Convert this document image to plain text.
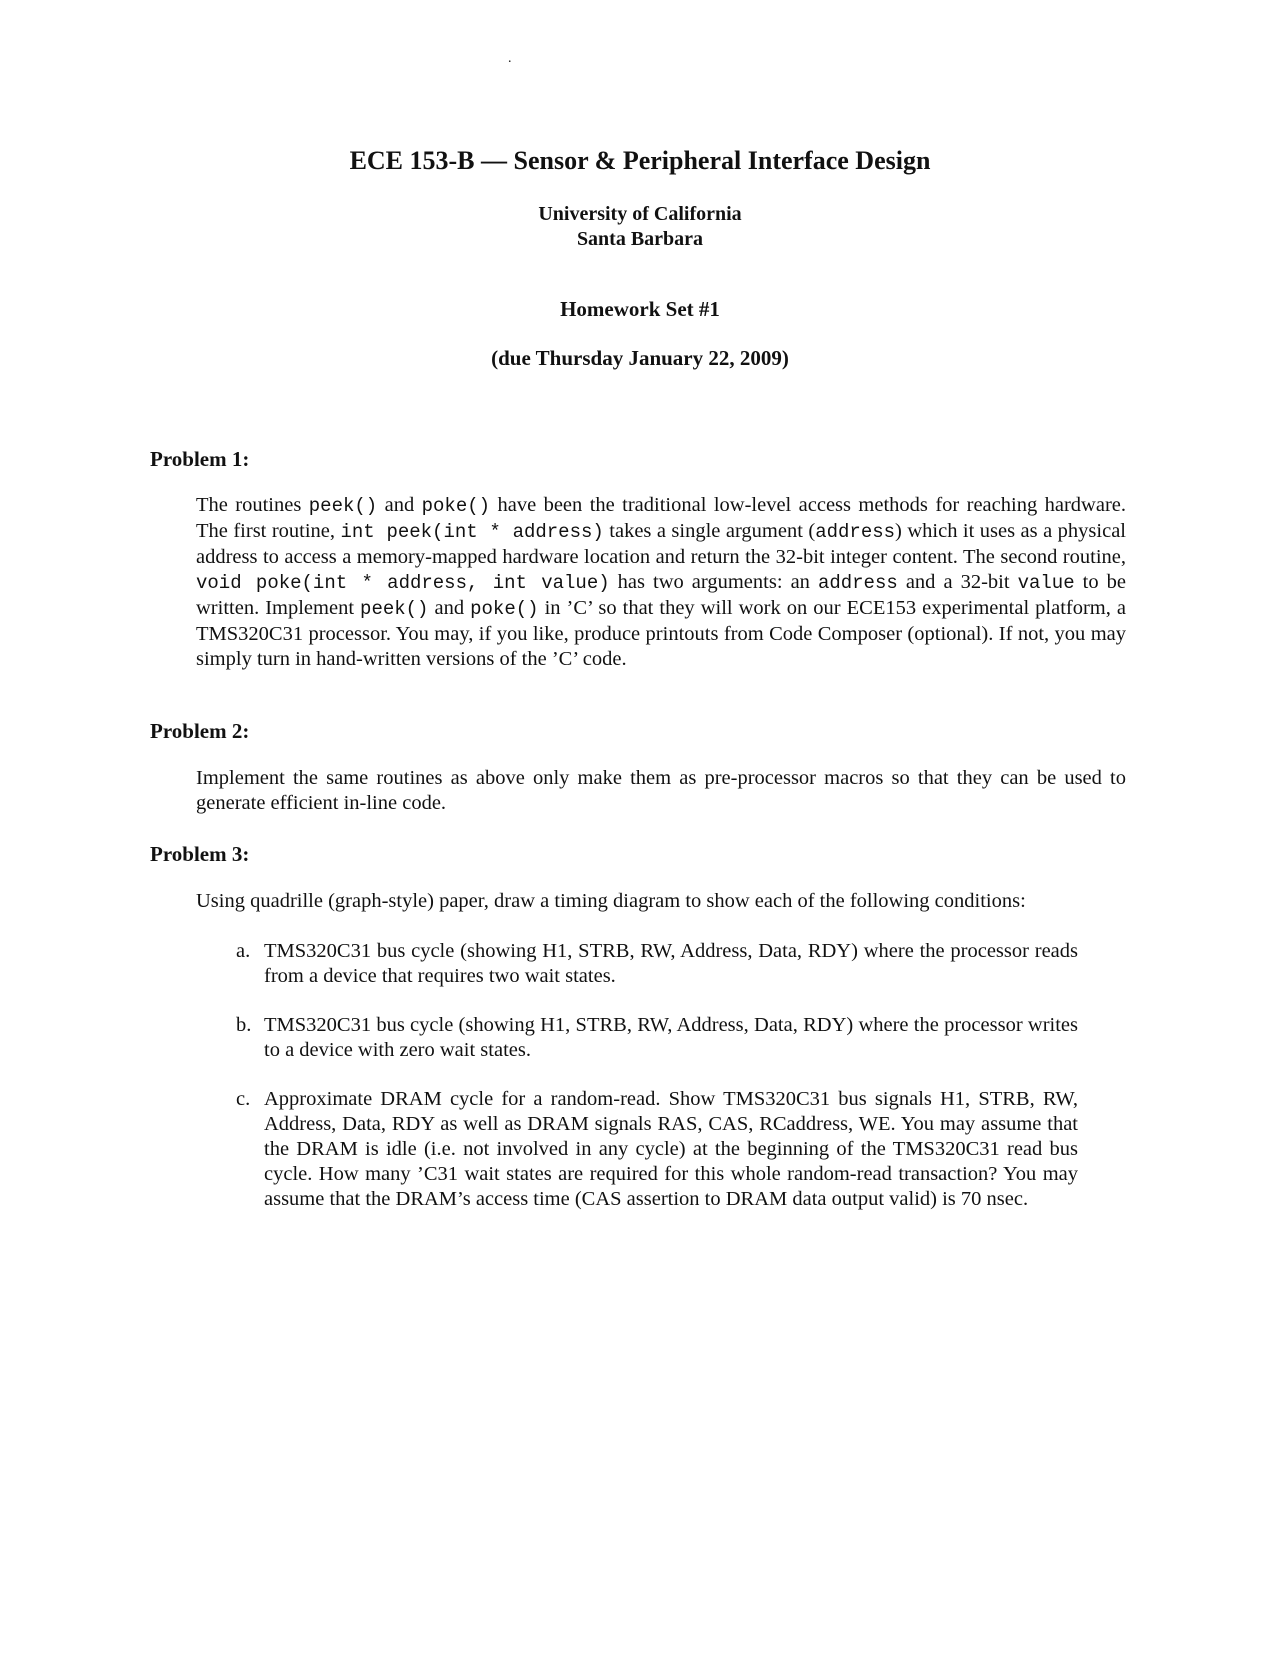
.
ECE 153-B — Sensor & Peripheral Interface Design
University of California
Santa Barbara
Homework Set #1
(due Thursday January 22, 2009)
Problem 1:
The routines peek() and poke() have been the traditional low-level access methods for reaching hardware. The first routine, int peek(int * address) takes a single argument (address) which it uses as a physical address to access a memory-mapped hardware location and return the 32-bit integer content. The second routine, void poke(int * address, int value) has two arguments: an address and a 32-bit value to be written. Implement peek() and poke() in ’C’ so that they will work on our ECE153 experimental platform, a TMS320C31 processor. You may, if you like, produce printouts from Code Composer (optional). If not, you may simply turn in hand-written versions of the ’C’ code.
Problem 2:
Implement the same routines as above only make them as pre-processor macros so that they can be used to generate efficient in-line code.
Problem 3:
Using quadrille (graph-style) paper, draw a timing diagram to show each of the following conditions:
a. TMS320C31 bus cycle (showing H1, STRB, RW, Address, Data, RDY) where the processor reads from a device that requires two wait states.
b. TMS320C31 bus cycle (showing H1, STRB, RW, Address, Data, RDY) where the processor writes to a device with zero wait states.
c. Approximate DRAM cycle for a random-read. Show TMS320C31 bus signals H1, STRB, RW, Address, Data, RDY as well as DRAM signals RAS, CAS, RCaddress, WE. You may assume that the DRAM is idle (i.e. not involved in any cycle) at the beginning of the TMS320C31 read bus cycle. How many ’C31 wait states are required for this whole random-read transaction? You may assume that the DRAM’s access time (CAS assertion to DRAM data output valid) is 70 nsec.
